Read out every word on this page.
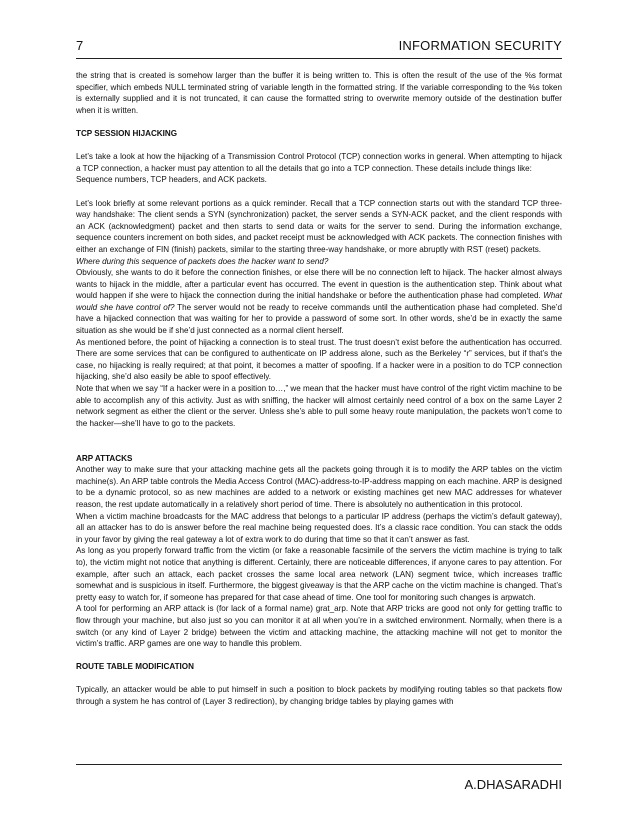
7	INFORMATION SECURITY

the string that is created is somehow larger than the buffer it is being written to. This is often the result of the use of the %s format specifier, which embeds NULL terminated string of variable length in the formatted string. If the variable corresponding to the %s token is externally supplied and it is not truncated, it can cause the formatted string to overwrite memory outside of the destination buffer when it is written.

TCP SESSION HIJACKING

Let’s take a look at how the hijacking of a Transmission Control Protocol (TCP) connection works in general. When attempting to hijack a TCP connection, a hacker must pay attention to all the details that go into a TCP connection. These details include things like:

Sequence numbers, TCP headers, and ACK packets.

Let’s look briefly at some relevant portions as a quick reminder. Recall that a TCP connection starts out with the standard TCP three-way handshake: The client sends a SYN (synchronization) packet, the server sends a SYN-ACK packet, and the client responds with an ACK (acknowledgment) packet and then starts to send data or waits for the server to send. During the information exchange, sequence counters increment on both sides, and packet receipt must be acknowledged with ACK packets. The connection finishes with either an exchange of FIN (finish) packets, similar to the starting three-way handshake, or more abruptly with RST (reset) packets.

Where during this sequence of packets does the hacker want to send?

Obviously, she wants to do it before the connection finishes, or else there will be no connection left to hijack. The hacker almost always wants to hijack in the middle, after a particular event has occurred. The event in question is the authentication step. Think about what would happen if she were to hijack the connection during the initial handshake or before the authentication phase had completed. What would she have control of? The server would not be ready to receive commands until the authentication phase had completed. She’d have a hijacked connection that was waiting for her to provide a password of some sort. In other words, she’d be in exactly the same situation as she would be if she’d just connected as a normal client herself.

As mentioned before, the point of hijacking a connection is to steal trust. The trust doesn’t exist before the authentication has occurred. There are some services that can be configured to authenticate on IP address alone, such as the Berkeley “r” services, but if that’s the case, no hijacking is really required; at that point, it becomes a matter of spoofing. If a hacker were in a position to do TCP connection hijacking, she’d also easily be able to spoof effectively.

Note that when we say “If a hacker were in a position to…,” we mean that the hacker must have control of the right victim machine to be able to accomplish any of this activity. Just as with sniffing, the hacker will almost certainly need control of a box on the same Layer 2 network segment as either the client or the server. Unless she’s able to pull some heavy route manipulation, the packets won’t come to the hacker—she’ll have to go to the packets.

ARP ATTACKS

Another way to make sure that your attacking machine gets all the packets going through it is to modify the ARP tables on the victim machine(s). An ARP table controls the Media Access Control (MAC)-address-to-IP-address mapping on each machine. ARP is designed to be a dynamic protocol, so as new machines are added to a network or existing machines get new MAC addresses for whatever reason, the rest update automatically in a relatively short period of time. There is absolutely no authentication in this protocol.

When a victim machine broadcasts for the MAC address that belongs to a particular IP address (perhaps the victim’s default gateway), all an attacker has to do is answer before the real machine being requested does. It’s a classic race condition. You can stack the odds in your favor by giving the real gateway a lot of extra work to do during that time so that it can’t answer as fast.

As long as you properly forward traffic from the victim (or fake a reasonable facsimile of the servers the victim machine is trying to talk to), the victim might not notice that anything is different. Certainly, there are noticeable differences, if anyone cares to pay attention. For example, after such an attack, each packet crosses the same local area network (LAN) segment twice, which increases traffic somewhat and is suspicious in itself. Furthermore, the biggest giveaway is that the ARP cache on the victim machine is changed. That’s pretty easy to watch for, if someone has prepared for that case ahead of time. One tool for monitoring such changes is arpwatch.

A tool for performing an ARP attack is (for lack of a formal name) grat_arp. Note that ARP tricks are good not only for getting traffic to flow through your machine, but also just so you can monitor it at all when you’re in a switched environment. Normally, when there is a switch (or any kind of Layer 2 bridge) between the victim and attacking machine, the attacking machine will not get to monitor the victim’s traffic. ARP games are one way to handle this problem.

ROUTE TABLE MODIFICATION

Typically, an attacker would be able to put himself in such a position to block packets by modifying routing tables so that packets flow through a system he has control of (Layer 3 redirection), by changing bridge tables by playing games with

A.DHASARADHI
